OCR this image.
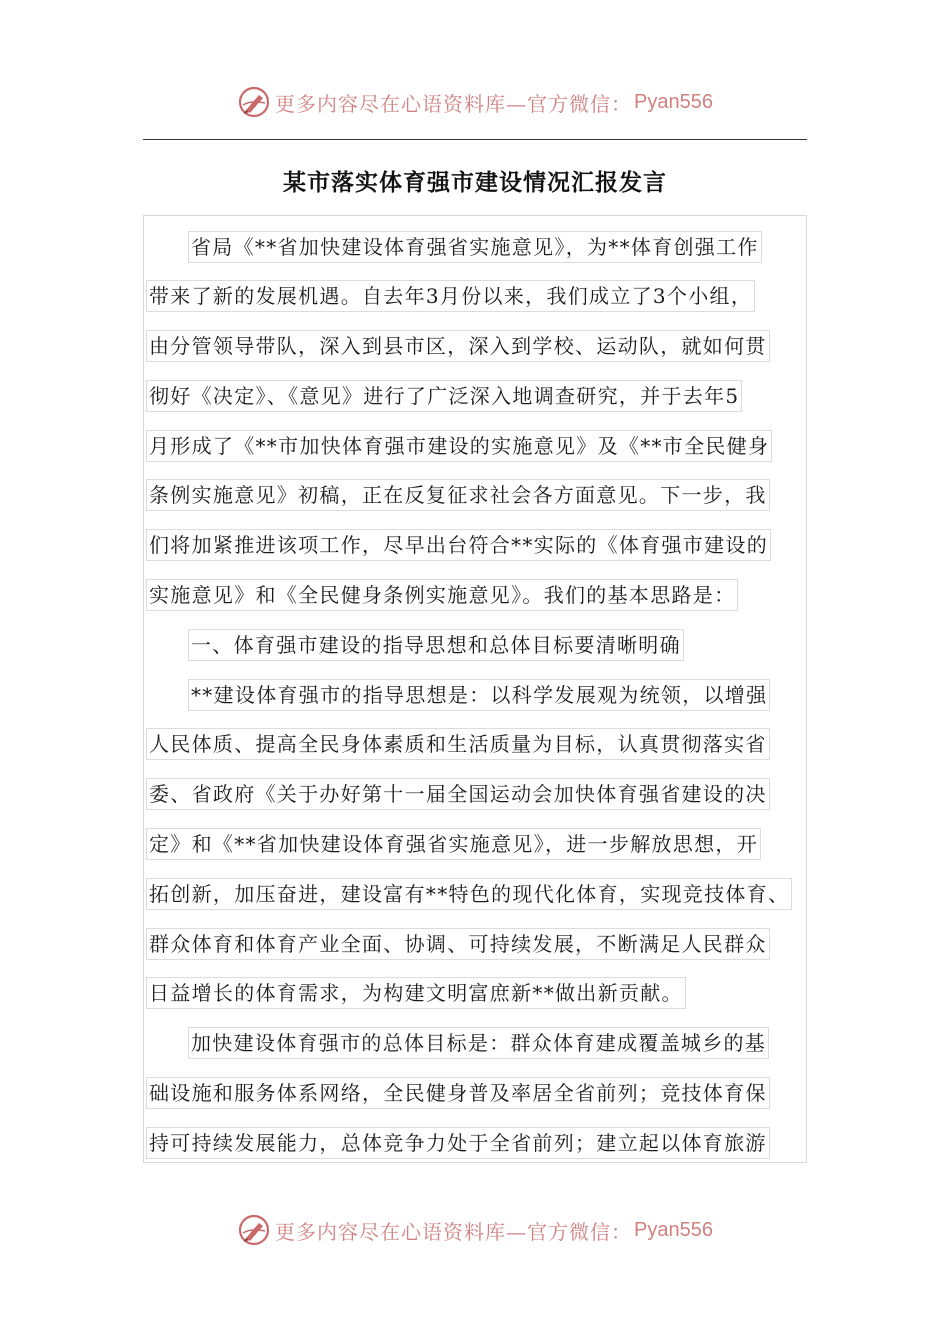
更多内容尽在心语资料库—官方微信： Pyan556
某市落实体育强市建设情况汇报发言
省局《**省加快建设体育强省实施意见》，为**体育创强工作
带来了新的发展机遇。自去年3月份以来，我们成立了3个小组，
由分管领导带队，深入到县市区，深入到学校、运动队，就如何贯
彻好《决定》、《意见》进行了广泛深入地调查研究，并于去年5
月形成了《**市加快体育强市建设的实施意见》及《**市全民健身
条例实施意见》初稿，正在反复征求社会各方面意见。下一步，我
们将加紧推进该项工作，尽早出台符合**实际的《体育强市建设的
实施意见》和《全民健身条例实施意见》。我们的基本思路是：
一、体育强市建设的指导思想和总体目标要清晰明确
**建设体育强市的指导思想是：以科学发展观为统领，以增强
人民体质、提高全民身体素质和生活质量为目标，认真贯彻落实省
委、省政府《关于办好第十一届全国运动会加快体育强省建设的决
定》和《**省加快建设体育强省实施意见》，进一步解放思想，开
拓创新，加压奋进，建设富有**特色的现代化体育，实现竞技体育、
群众体育和体育产业全面、协调、可持续发展，不断满足人民群众
日益增长的体育需求，为构建文明富庶新**做出新贡献。
加快建设体育强市的总体目标是：群众体育建成覆盖城乡的基
础设施和服务体系网络，全民健身普及率居全省前列；竞技体育保
持可持续发展能力，总体竞争力处于全省前列；建立起以体育旅游
更多内容尽在心语资料库—官方微信： Pyan556
